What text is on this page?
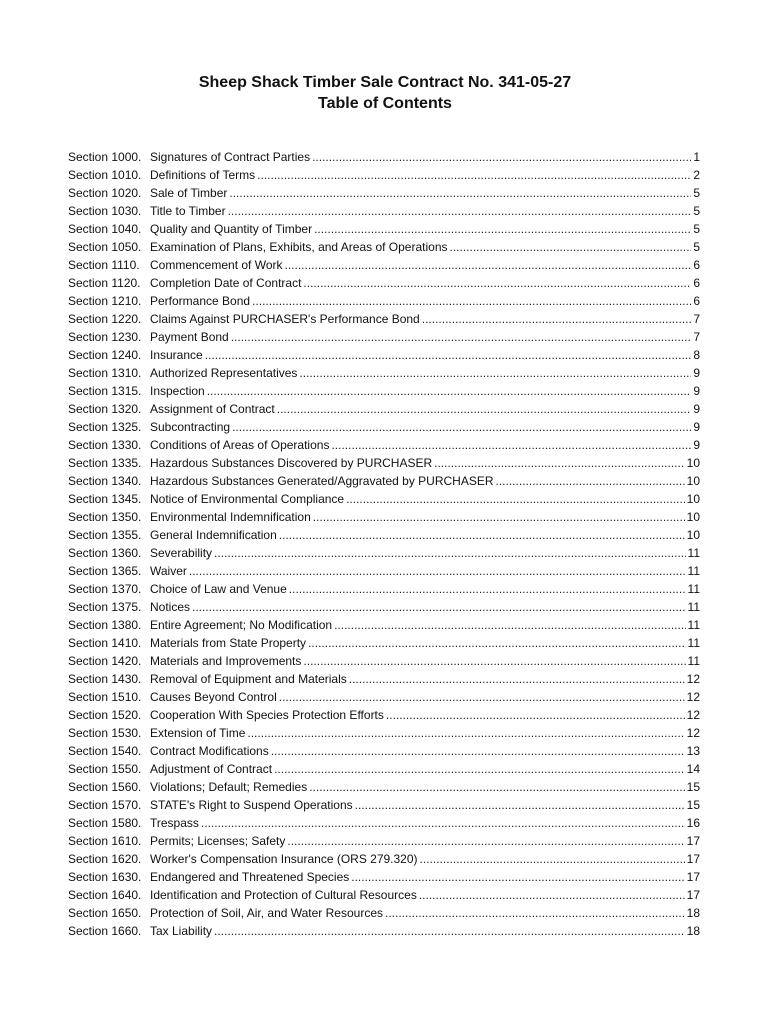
Sheep Shack Timber Sale Contract No. 341-05-27
Table of Contents
Section 1000. Signatures of Contract Parties .....	1
Section 1010. Definitions of Terms .....	2
Section 1020. Sale of Timber .....	5
Section 1030. Title to Timber .....	5
Section 1040. Quality and Quantity of Timber .....	5
Section 1050. Examination of Plans, Exhibits, and Areas of Operations .....	5
Section 1110. Commencement of Work .....	6
Section 1120. Completion Date of Contract .....	6
Section 1210. Performance Bond .....	6
Section 1220. Claims Against PURCHASER's Performance Bond .....	7
Section 1230. Payment Bond .....	7
Section 1240. Insurance .....	8
Section 1310. Authorized Representatives .....	9
Section 1315. Inspection .....	9
Section 1320. Assignment of Contract .....	9
Section 1325. Subcontracting .....	9
Section 1330. Conditions of Areas of Operations .....	9
Section 1335. Hazardous Substances Discovered by PURCHASER .....	10
Section 1340. Hazardous Substances Generated/Aggravated by PURCHASER .....	10
Section 1345. Notice of Environmental Compliance .....	10
Section 1350. Environmental Indemnification .....	10
Section 1355. General Indemnification .....	10
Section 1360. Severability .....	11
Section 1365. Waiver .....	11
Section 1370. Choice of Law and Venue .....	11
Section 1375. Notices .....	11
Section 1380. Entire Agreement; No Modification .....	11
Section 1410. Materials from State Property .....	11
Section 1420. Materials and Improvements .....	11
Section 1430. Removal of Equipment and Materials .....	12
Section 1510. Causes Beyond Control .....	12
Section 1520. Cooperation With Species Protection Efforts .....	12
Section 1530. Extension of Time .....	12
Section 1540. Contract Modifications .....	13
Section 1550. Adjustment of Contract .....	14
Section 1560. Violations; Default; Remedies .....	15
Section 1570. STATE's Right to Suspend Operations .....	15
Section 1580. Trespass .....	16
Section 1610. Permits; Licenses; Safety .....	17
Section 1620. Worker's Compensation Insurance (ORS 279.320) .....	17
Section 1630. Endangered and Threatened Species .....	17
Section 1640. Identification and Protection of Cultural Resources .....	17
Section 1650. Protection of Soil, Air, and Water Resources .....	18
Section 1660. Tax Liability .....	18
